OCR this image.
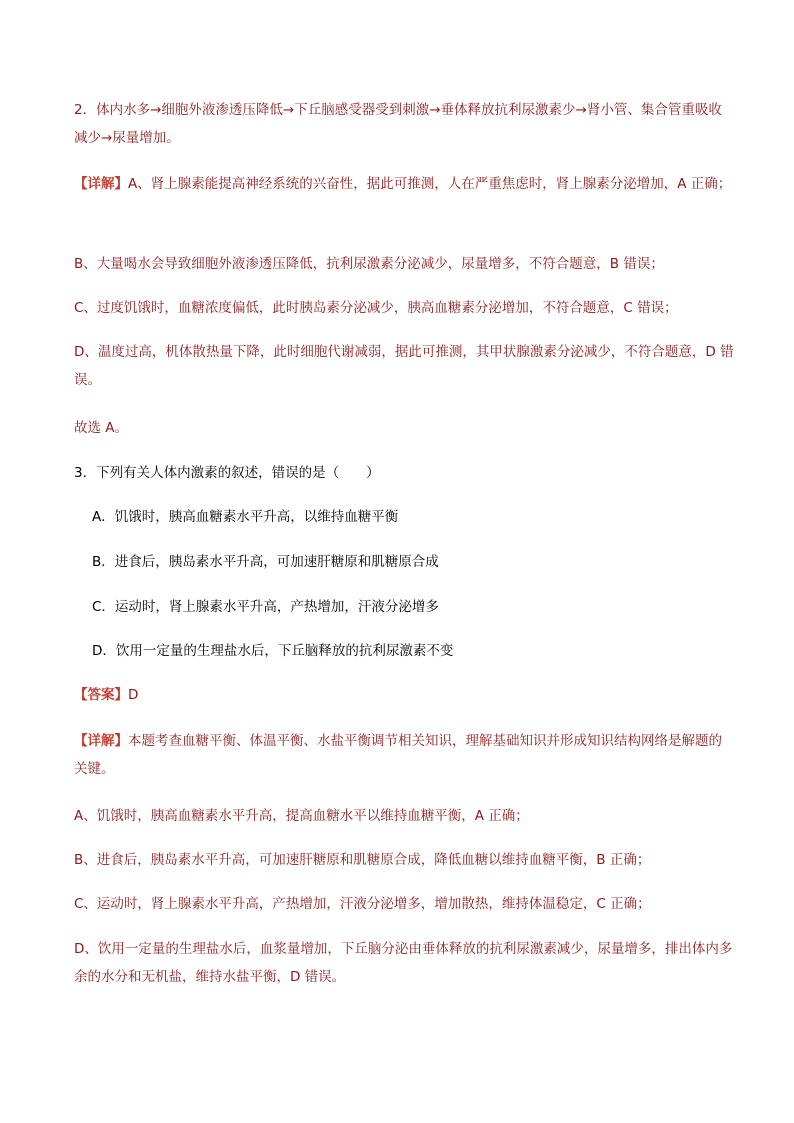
2．体内水多→细胞外液渗透压降低→下丘脑感受器受到刺激→垂体释放抗利尿激素少→肾小管、集合管重吸收减少→尿量增加。

【详解】A、肾上腺素能提高神经系统的兴奋性，据此可推测，人在严重焦虑时，肾上腺素分泌增加，A 正确；

B、大量喝水会导致细胞外液渗透压降低，抗利尿激素分泌减少，尿量增多，不符合题意，B 错误；

C、过度饥饿时，血糖浓度偏低，此时胰岛素分泌减少，胰高血糖素分泌增加，不符合题意，C 错误；

D、温度过高，机体散热量下降，此时细胞代谢减弱，据此可推测，其甲状腺激素分泌减少，不符合题意，D 错误。

故选 A。

3．下列有关人体内激素的叙述，错误的是（　　）

A．饥饿时，胰高血糖素水平升高，以维持血糖平衡

B．进食后，胰岛素水平升高，可加速肝糖原和肌糖原合成

C．运动时，肾上腺素水平升高，产热增加，汗液分泌增多

D．饮用一定量的生理盐水后，下丘脑释放的抗利尿激素不变

【答案】D

【详解】本题考查血糖平衡、体温平衡、水盐平衡调节相关知识，理解基础知识并形成知识结构网络是解题的关键。

A、饥饿时，胰高血糖素水平升高，提高血糖水平以维持血糖平衡，A 正确；

B、进食后，胰岛素水平升高，可加速肝糖原和肌糖原合成，降低血糖以维持血糖平衡，B 正确；

C、运动时，肾上腺素水平升高，产热增加，汗液分泌增多，增加散热，维持体温稳定，C 正确；

D、饮用一定量的生理盐水后，血浆量增加，下丘脑分泌由垂体释放的抗利尿激素减少，尿量增多，排出体内多余的水分和无机盐，维持水盐平衡，D 错误。
